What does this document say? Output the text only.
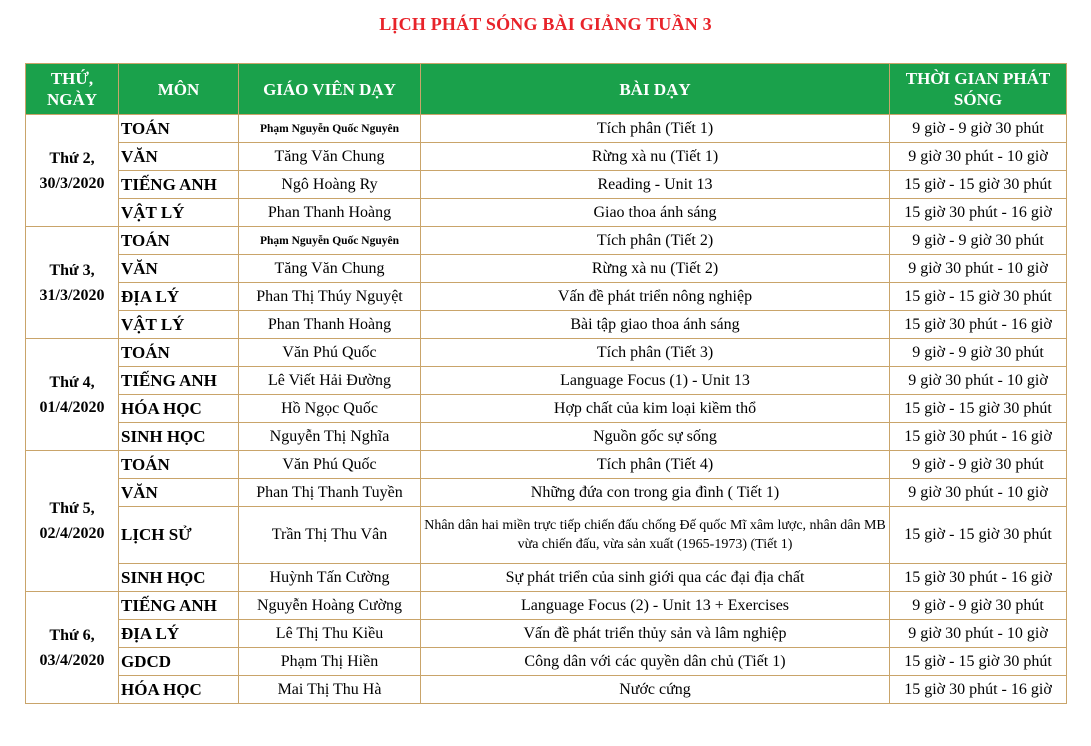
LỊCH PHÁT SÓNG BÀI GIẢNG TUẦN 3
THỨ, NGÀY	MÔN	GIÁO VIÊN DẠY	BÀI DẠY	THỜI GIAN PHÁT SÓNG
Thứ 2, 30/3/2020	TOÁN	Phạm Nguyễn Quốc Nguyên	Tích phân (Tiết 1)	9 giờ - 9 giờ 30 phút
	VĂN	Tăng Văn Chung	Rừng xà nu (Tiết 1)	9 giờ 30 phút - 10 giờ
	TIẾNG ANH	Ngô Hoàng Ry	Reading - Unit 13	15 giờ - 15 giờ 30 phút
	VẬT LÝ	Phan Thanh Hoàng	Giao thoa ánh sáng	15 giờ 30 phút - 16 giờ
Thứ 3, 31/3/2020	TOÁN	Phạm Nguyễn Quốc Nguyên	Tích phân (Tiết 2)	9 giờ - 9 giờ 30 phút
	VĂN	Tăng Văn Chung	Rừng xà nu (Tiết 2)	9 giờ 30 phút - 10 giờ
	ĐỊA LÝ	Phan Thị Thúy Nguyệt	Vấn đề phát triển nông nghiệp	15 giờ - 15 giờ 30 phút
	VẬT LÝ	Phan Thanh Hoàng	Bài tập giao thoa ánh sáng	15 giờ 30 phút - 16 giờ
Thứ 4, 01/4/2020	TOÁN	Văn Phú Quốc	Tích phân (Tiết 3)	9 giờ - 9 giờ 30 phút
	TIẾNG ANH	Lê Viết Hải Đường	Language Focus (1) - Unit 13	9 giờ 30 phút - 10 giờ
	HÓA HỌC	Hồ Ngọc Quốc	Hợp chất của kim loại kiềm thổ	15 giờ - 15 giờ 30 phút
	SINH HỌC	Nguyễn Thị Nghĩa	Nguồn gốc sự sống	15 giờ 30 phút - 16 giờ
Thứ 5, 02/4/2020	TOÁN	Văn Phú Quốc	Tích phân (Tiết 4)	9 giờ - 9 giờ 30 phút
	VĂN	Phan Thị Thanh Tuyền	Những đứa con trong gia đình ( Tiết 1)	9 giờ 30 phút - 10 giờ
	LỊCH SỬ	Trần Thị Thu Vân	Nhân dân hai miền trực tiếp chiến đấu chống Đế quốc Mĩ xâm lược, nhân dân MB vừa chiến đấu, vừa sản xuất (1965-1973) (Tiết 1)	15 giờ - 15 giờ 30 phút
	SINH HỌC	Huỳnh Tấn Cường	Sự phát triển của sinh giới qua các đại địa chất	15 giờ 30 phút - 16 giờ
Thứ 6, 03/4/2020	TIẾNG ANH	Nguyễn Hoàng Cường	Language Focus (2) - Unit 13 + Exercises	9 giờ - 9 giờ 30 phút
	ĐỊA LÝ	Lê Thị Thu Kiều	Vấn đề phát triển thủy sản và lâm nghiệp	9 giờ 30 phút - 10 giờ
	GDCD	Phạm Thị Hiền	Công dân với các quyền dân chủ (Tiết 1)	15 giờ - 15 giờ 30 phút
	HÓA HỌC	Mai Thị Thu Hà	Nước cứng	15 giờ 30 phút - 16 giờ
